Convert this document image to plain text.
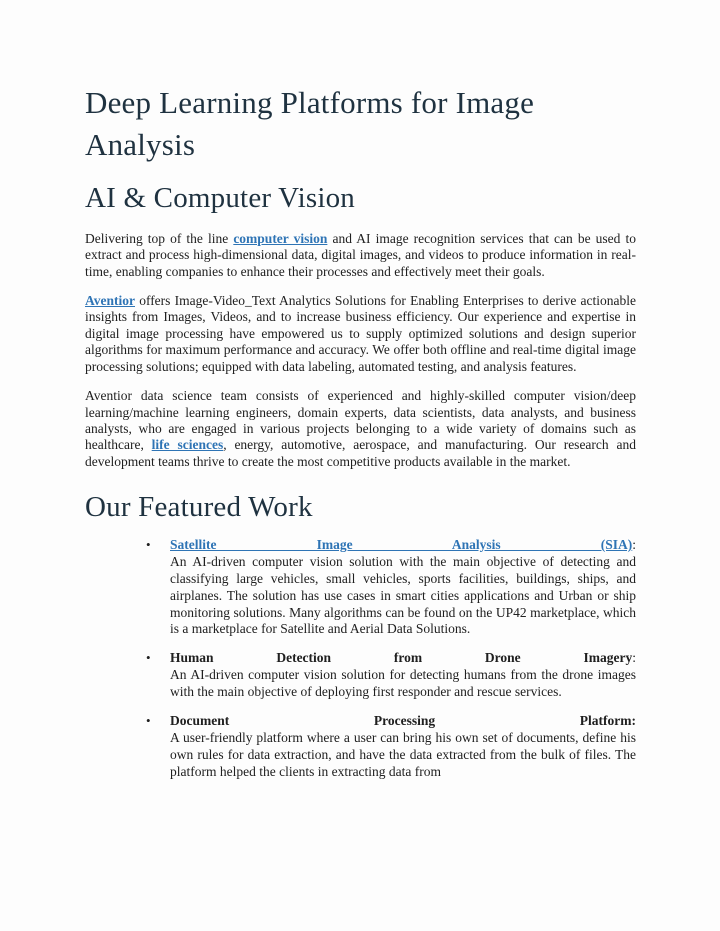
Deep Learning Platforms for Image Analysis
AI & Computer Vision

Delivering top of the line computer vision and AI image recognition services that can be used to extract and process high-dimensional data, digital images, and videos to produce information in real-time, enabling companies to enhance their processes and effectively meet their goals.

Aventior offers Image-Video_Text Analytics Solutions for Enabling Enterprises to derive actionable insights from Images, Videos, and to increase business efficiency. Our experience and expertise in digital image processing have empowered us to supply optimized solutions and design superior algorithms for maximum performance and accuracy. We offer both offline and real-time digital image processing solutions; equipped with data labeling, automated testing, and analysis features.

Aventior data science team consists of experienced and highly-skilled computer vision/deep learning/machine learning engineers, domain experts, data scientists, data analysts, and business analysts, who are engaged in various projects belonging to a wide variety of domains such as healthcare, life sciences, energy, automotive, aerospace, and manufacturing. Our research and development teams thrive to create the most competitive products available in the market.

Our Featured Work
• Satellite Image Analysis (SIA):
An AI-driven computer vision solution with the main objective of detecting and classifying large vehicles, small vehicles, sports facilities, buildings, ships, and airplanes. The solution has use cases in smart cities applications and Urban or ship monitoring solutions. Many algorithms can be found on the UP42 marketplace, which is a marketplace for Satellite and Aerial Data Solutions.
• Human Detection from Drone Imagery:
An AI-driven computer vision solution for detecting humans from the drone images with the main objective of deploying first responder and rescue services.
• Document Processing Platform:
A user-friendly platform where a user can bring his own set of documents, define his own rules for data extraction, and have the data extracted from the bulk of files. The platform helped the clients in extracting data from
